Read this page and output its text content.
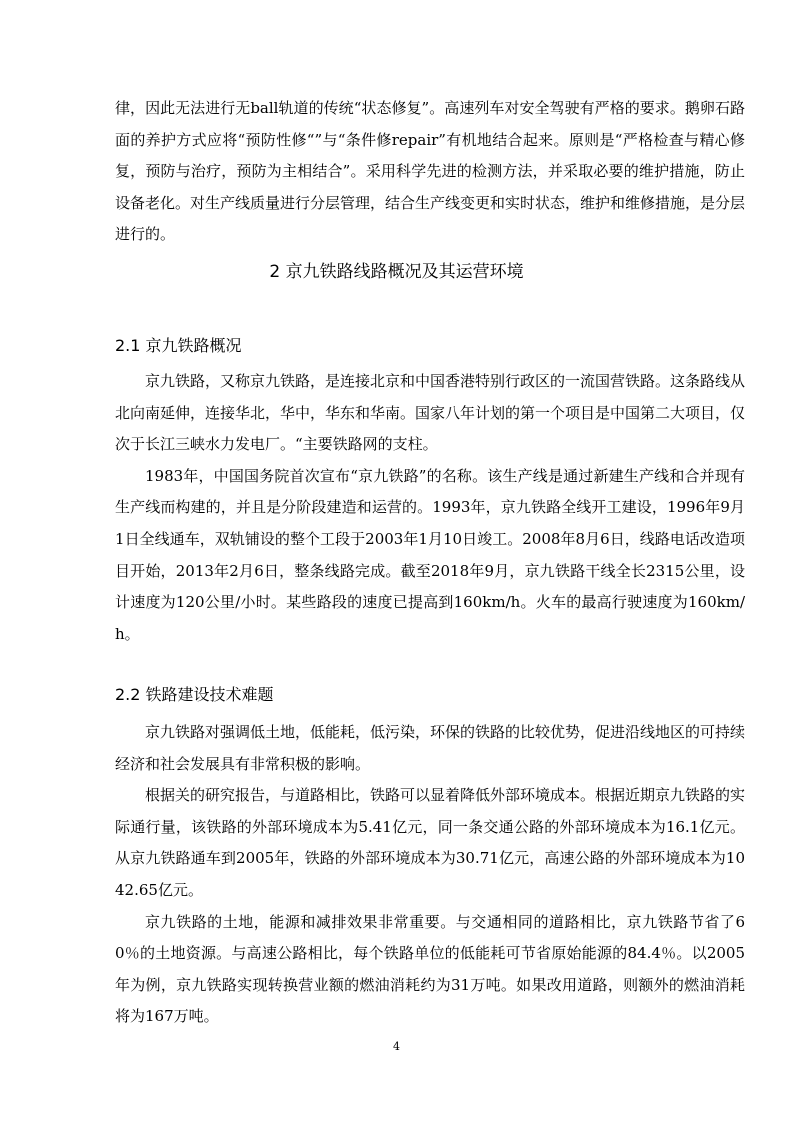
律，因此无法进行无ball轨道的传统“状态修复”。高速列车对安全驾驶有严格的要求。鹅卵石路面的养护方式应将“预防性修“”与“条件修repair”有机地结合起来。原则是“严格检查与精心修复，预防与治疗，预防为主相结合”。采用科学先进的检测方法，并采取必要的维护措施，防止设备老化。对生产线质量进行分层管理，结合生产线变更和实时状态，维护和维修措施，是分层进行的。

2 京九铁路线路概况及其运营环境
2.1 京九铁路概况

京九铁路，又称京九铁路，是连接北京和中国香港特别行政区的一流国营铁路。这条路线从北向南延伸，连接华北，华中，华东和华南。国家八年计划的第一个项目是中国第二大项目，仅次于长江三峡水力发电厂。“主要铁路网的支柱。

1983年，中国国务院首次宣布“京九铁路”的名称。该生产线是通过新建生产线和合并现有生产线而构建的，并且是分阶段建造和运营的。1993年，京九铁路全线开工建设，1996年9月1日全线通车，双轨铺设的整个工段于2003年1月10日竣工。2008年8月6日，线路电话改造项目开始，2013年2月6日，整条线路完成。截至2018年9月，京九铁路干线全长2315公里，设计速度为120公里/小时。某些路段的速度已提高到160km/h。火车的最高行驶速度为160km/h。

2.2 铁路建设技术难题

京九铁路对强调低土地，低能耗，低污染，环保的铁路的比较优势，促进沿线地区的可持续经济和社会发展具有非常积极的影响。

根据关的研究报告，与道路相比，铁路可以显着降低外部环境成本。根据近期京九铁路的实际通行量，该铁路的外部环境成本为5.41亿元，同一条交通公路的外部环境成本为16.1亿元。从京九铁路通车到2005年，铁路的外部环境成本为30.71亿元，高速公路的外部环境成本为1042.65亿元。

京九铁路的土地，能源和减排效果非常重要。与交通相同的道路相比，京九铁路节省了60％的土地资源。与高速公路相比，每个铁路单位的低能耗可节省原始能源的84.4％。以2005年为例，京九铁路实现转换营业额的燃油消耗约为31万吨。如果改用道路，则额外的燃油消耗将为167万吨。

4
